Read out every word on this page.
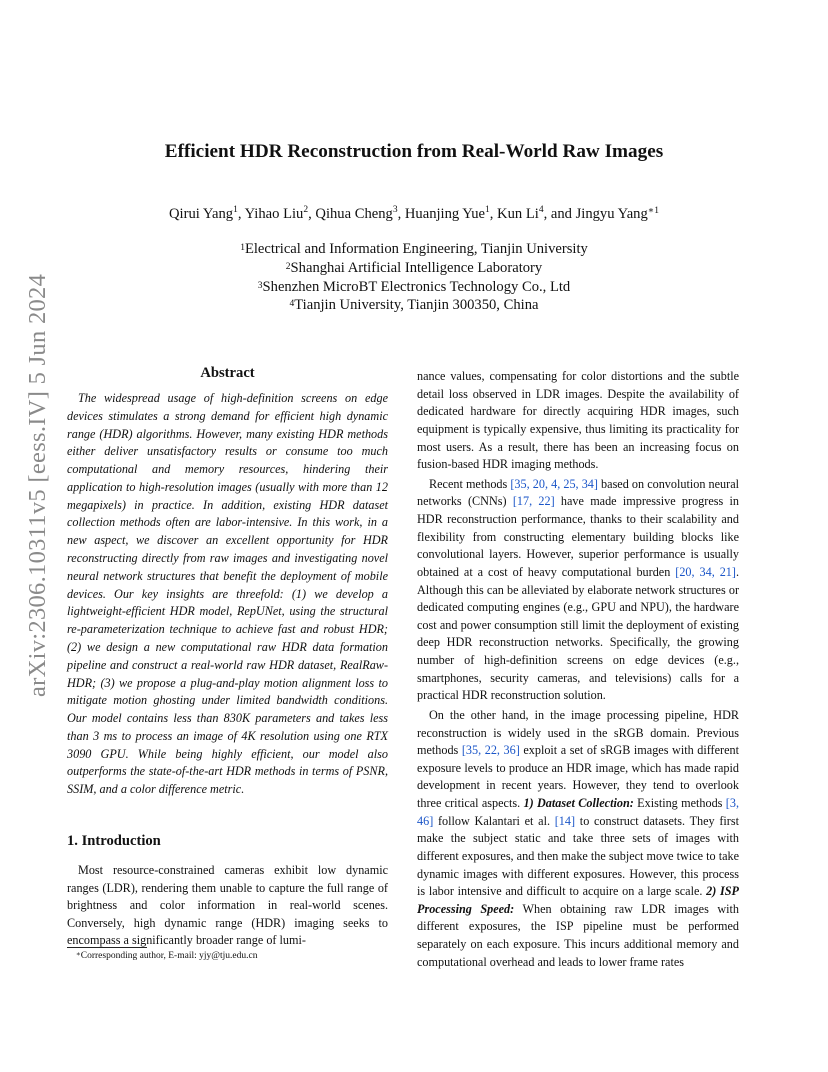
arXiv:2306.10311v5 [eess.IV] 5 Jun 2024
Efficient HDR Reconstruction from Real-World Raw Images
Qirui Yang$^1$, Yihao Liu$^2$, Qihua Cheng$^3$, Huanjing Yue$^1$, Kun Li$^4$, and Jingyu Yang$^{∗1}$
$^1$Electrical and Information Engineering, Tianjin University
$^2$Shanghai Artificial Intelligence Laboratory
$^3$Shenzhen MicroBT Electronics Technology Co., Ltd
$^4$Tianjin University, Tianjin 300350, China
Abstract

The widespread usage of high-definition screens on edge devices stimulates a strong demand for efficient high dynamic range (HDR) algorithms. However, many existing HDR methods either deliver unsatisfactory results or consume too much computational and memory resources, hindering their application to high-resolution images (usually with more than 12 megapixels) in practice. In addition, existing HDR dataset collection methods often are labor-intensive. In this work, in a new aspect, we discover an excellent opportunity for HDR reconstructing directly from raw images and investigating novel neural network structures that benefit the deployment of mobile devices. Our key insights are threefold: (1) we develop a lightweight-efficient HDR model, RepUNet, using the structural re-parameterization technique to achieve fast and robust HDR; (2) we design a new computational raw HDR data formation pipeline and construct a real-world raw HDR dataset, RealRaw-HDR; (3) we propose a plug-and-play motion alignment loss to mitigate motion ghosting under limited bandwidth conditions. Our model contains less than 830K parameters and takes less than 3 ms to process an image of 4K resolution using one RTX 3090 GPU. While being highly efficient, our model also outperforms the state-of-the-art HDR methods in terms of PSNR, SSIM, and a color difference metric.

1. Introduction

Most resource-constrained cameras exhibit low dynamic ranges (LDR), rendering them unable to capture the full range of brightness and color information in real-world scenes. Conversely, high dynamic range (HDR) imaging seeks to encompass a significantly broader range of lumi-

∗Corresponding author, E-mail: yjy@tju.edu.cn

nance values, compensating for color distortions and the subtle detail loss observed in LDR images. Despite the availability of dedicated hardware for directly acquiring HDR images, such equipment is typically expensive, thus limiting its practicality for most users. As a result, there has been an increasing focus on fusion-based HDR imaging methods.

Recent methods [35, 20, 4, 25, 34] based on convolution neural networks (CNNs) [17, 22] have made impressive progress in HDR reconstruction performance, thanks to their scalability and flexibility from constructing elementary building blocks like convolutional layers. However, superior performance is usually obtained at a cost of heavy computational burden [20, 34, 21]. Although this can be alleviated by elaborate network structures or dedicated computing engines (e.g., GPU and NPU), the hardware cost and power consumption still limit the deployment of existing deep HDR reconstruction networks. Specifically, the growing number of high-definition screens on edge devices (e.g., smartphones, security cameras, and televisions) calls for a practical HDR reconstruction solution.

On the other hand, in the image processing pipeline, HDR reconstruction is widely used in the sRGB domain. Previous methods [35, 22, 36] exploit a set of sRGB images with different exposure levels to produce an HDR image, which has made rapid development in recent years. However, they tend to overlook three critical aspects. 1) Dataset Collection: Existing methods [3, 46] follow Kalantari et al. [14] to construct datasets. They first make the subject static and take three sets of images with different exposures, and then make the subject move twice to take dynamic images with different exposures. However, this process is labor intensive and difficult to acquire on a large scale. 2) ISP Processing Speed: When obtaining raw LDR images with different exposures, the ISP pipeline must be performed separately on each exposure. This incurs additional memory and computational overhead and leads to lower frame rates
